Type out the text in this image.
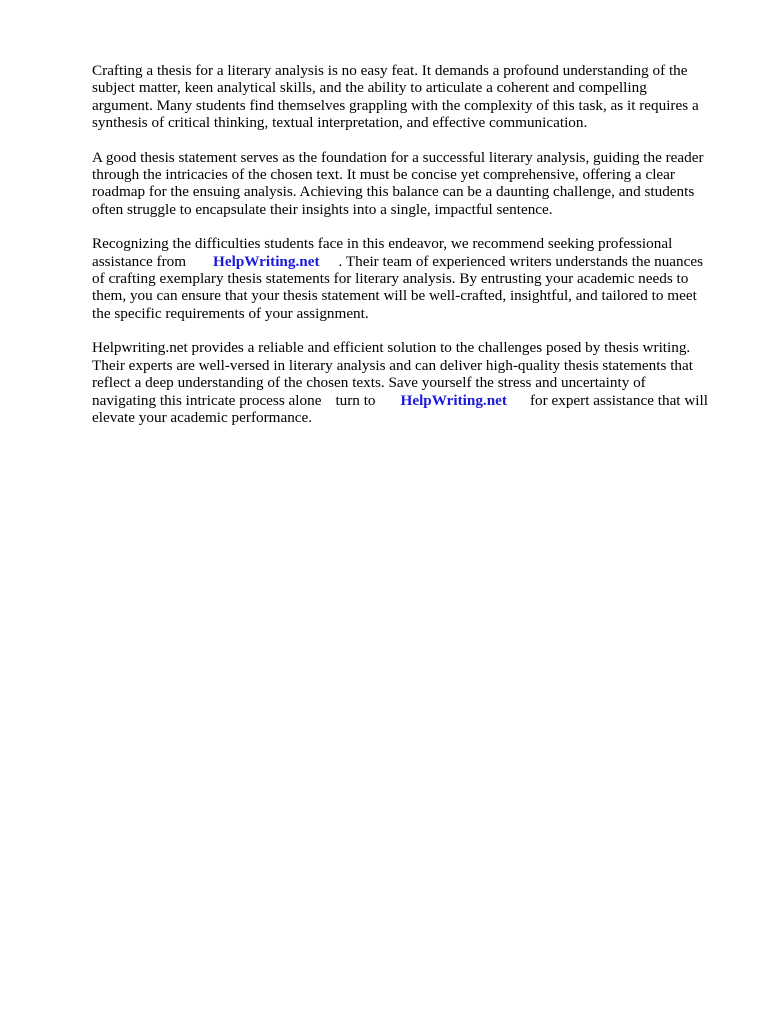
Crafting a thesis for a literary analysis is no easy feat. It demands a profound understanding of the
subject matter, keen analytical skills, and the ability to articulate a coherent and compelling
argument. Many students find themselves grappling with the complexity of this task, as it requires a
synthesis of critical thinking, textual interpretation, and effective communication.

A good thesis statement serves as the foundation for a successful literary analysis, guiding the reader
through the intricacies of the chosen text. It must be concise yet comprehensive, offering a clear
roadmap for the ensuing analysis. Achieving this balance can be a daunting challenge, and students
often struggle to encapsulate their insights into a single, impactful sentence.

Recognizing the difficulties students face in this endeavor, we recommend seeking professional
assistance from HelpWriting.net . Their team of experienced writers understands the nuances
of crafting exemplary thesis statements for literary analysis. By entrusting your academic needs to
them, you can ensure that your thesis statement will be well-crafted, insightful, and tailored to meet
the specific requirements of your assignment.

Helpwriting.net provides a reliable and efficient solution to the challenges posed by thesis writing.
Their experts are well-versed in literary analysis and can deliver high-quality thesis statements that
reflect a deep understanding of the chosen texts. Save yourself the stress and uncertainty of
navigating this intricate process alone turn to HelpWriting.net for expert assistance that will
elevate your academic performance.
